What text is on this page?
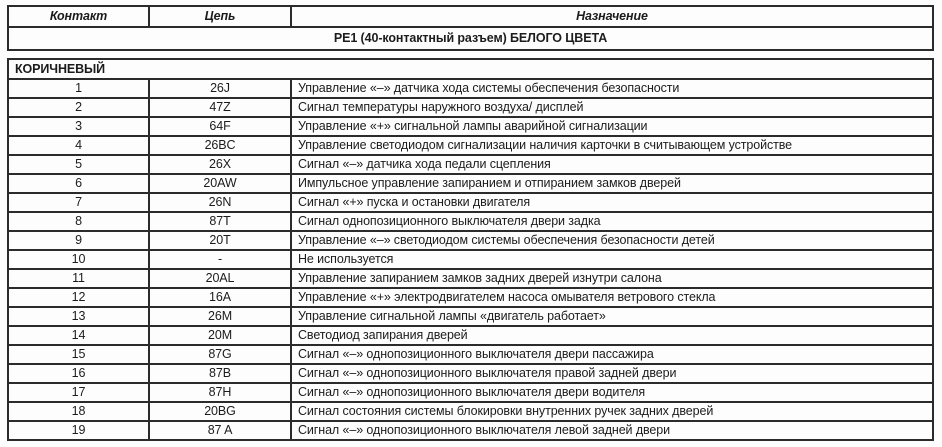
Контакт	Цепь	Назначение
РЕ1 (40-контактный разъем) БЕЛОГО ЦВЕТА
КОРИЧНЕВЫЙ		
1	26J	Управление «–» датчика хода системы обеспечения безопасности
2	47Z	Сигнал температуры наружного воздуха/ дисплей
3	64F	Управление «+» сигнальной лампы аварийной сигнализации
4	26BC	Управление светодиодом сигнализации наличия карточки в считывающем устройстве
5	26X	Сигнал «–» датчика хода педали сцепления
6	20AW	Импульсное управление запиранием и отпиранием замков дверей
7	26N	Сигнал «+» пуска и остановки двигателя
8	87T	Сигнал однопозиционного выключателя двери задка
9	20T	Управление «–» светодиодом системы обеспечения безопасности детей
10	-	Не используется
11	20AL	Управление запиранием замков задних дверей изнутри салона
12	16A	Управление «+» электродвигателем насоса омывателя ветрового стекла
13	26M	Управление сигнальной лампы «двигатель работает»
14	20M	Светодиод запирания дверей
15	87G	Сигнал «–» однопозиционного выключателя двери пассажира
16	87B	Сигнал «–» однопозиционного выключателя правой задней двери
17	87H	Сигнал «–» однопозиционного выключателя двери водителя
18	20BG	Сигнал состояния системы блокировки внутренних ручек задних дверей
19	87 A	Сигнал «–» однопозиционного выключателя левой задней двери
